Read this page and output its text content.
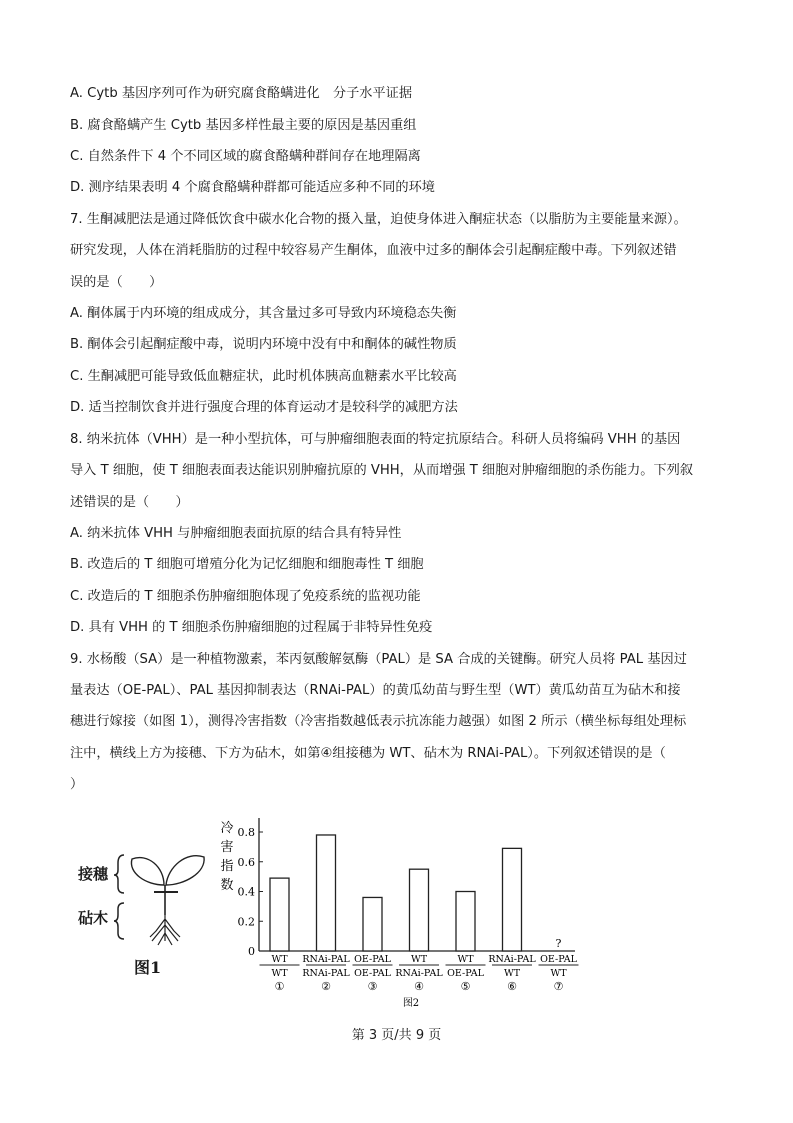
A. Cytb 基因序列可作为研究腐食酪螨进化　分子水平证据
B. 腐食酪螨产生 Cytb 基因多样性最主要的原因是基因重组
C. 自然条件下 4 个不同区域的腐食酪螨种群间存在地理隔离
D. 测序结果表明 4 个腐食酪螨种群都可能适应多种不同的环境
7. 生酮减肥法是通过降低饮食中碳水化合物的摄入量，迫使身体进入酮症状态（以脂肪为主要能量来源）。
研究发现，人体在消耗脂肪的过程中较容易产生酮体，血液中过多的酮体会引起酮症酸中毒。下列叙述错
误的是（　　）
A. 酮体属于内环境的组成成分，其含量过多可导致内环境稳态失衡
B. 酮体会引起酮症酸中毒，说明内环境中没有中和酮体的碱性物质
C. 生酮减肥可能导致低血糖症状，此时机体胰高血糖素水平比较高
D. 适当控制饮食并进行强度合理的体育运动才是较科学的减肥方法
8. 纳米抗体（VHH）是一种小型抗体，可与肿瘤细胞表面的特定抗原结合。科研人员将编码 VHH 的基因
导入 T 细胞，使 T 细胞表面表达能识别肿瘤抗原的 VHH，从而增强 T 细胞对肿瘤细胞的杀伤能力。下列叙
述错误的是（　　）
A. 纳米抗体 VHH 与肿瘤细胞表面抗原的结合具有特异性
B. 改造后的 T 细胞可增殖分化为记忆细胞和细胞毒性 T 细胞
C. 改造后的 T 细胞杀伤肿瘤细胞体现了免疫系统的监视功能
D. 具有 VHH 的 T 细胞杀伤肿瘤细胞的过程属于非特异性免疫
9. 水杨酸（SA）是一种植物激素，苯丙氨酸解氨酶（PAL）是 SA 合成的关键酶。研究人员将 PAL 基因过
量表达（OE-PAL）、PAL 基因抑制表达（RNAi-PAL）的黄瓜幼苗与野生型（WT）黄瓜幼苗互为砧木和接
穗进行嫁接（如图 1），测得冷害指数（冷害指数越低表示抗冻能力越强）如图 2 所示（横坐标每组处理标
注中，横线上方为接穗、下方为砧木，如第④组接穗为 WT、砧木为 RNAi-PAL）。下列叙述错误的是（
）
接穗
砧木
图1
0
0.2
0.4
0.6
0.8
冷
害
指
数
WT
WT
①
RNAi-PAL
RNAi-PAL
②
OE-PAL
OE-PAL
③
WT
RNAi-PAL
④
WT
OE-PAL
⑤
RNAi-PAL
WT
⑥
?
OE-PAL
WT
⑦
图2
第 3 页/共 9 页
